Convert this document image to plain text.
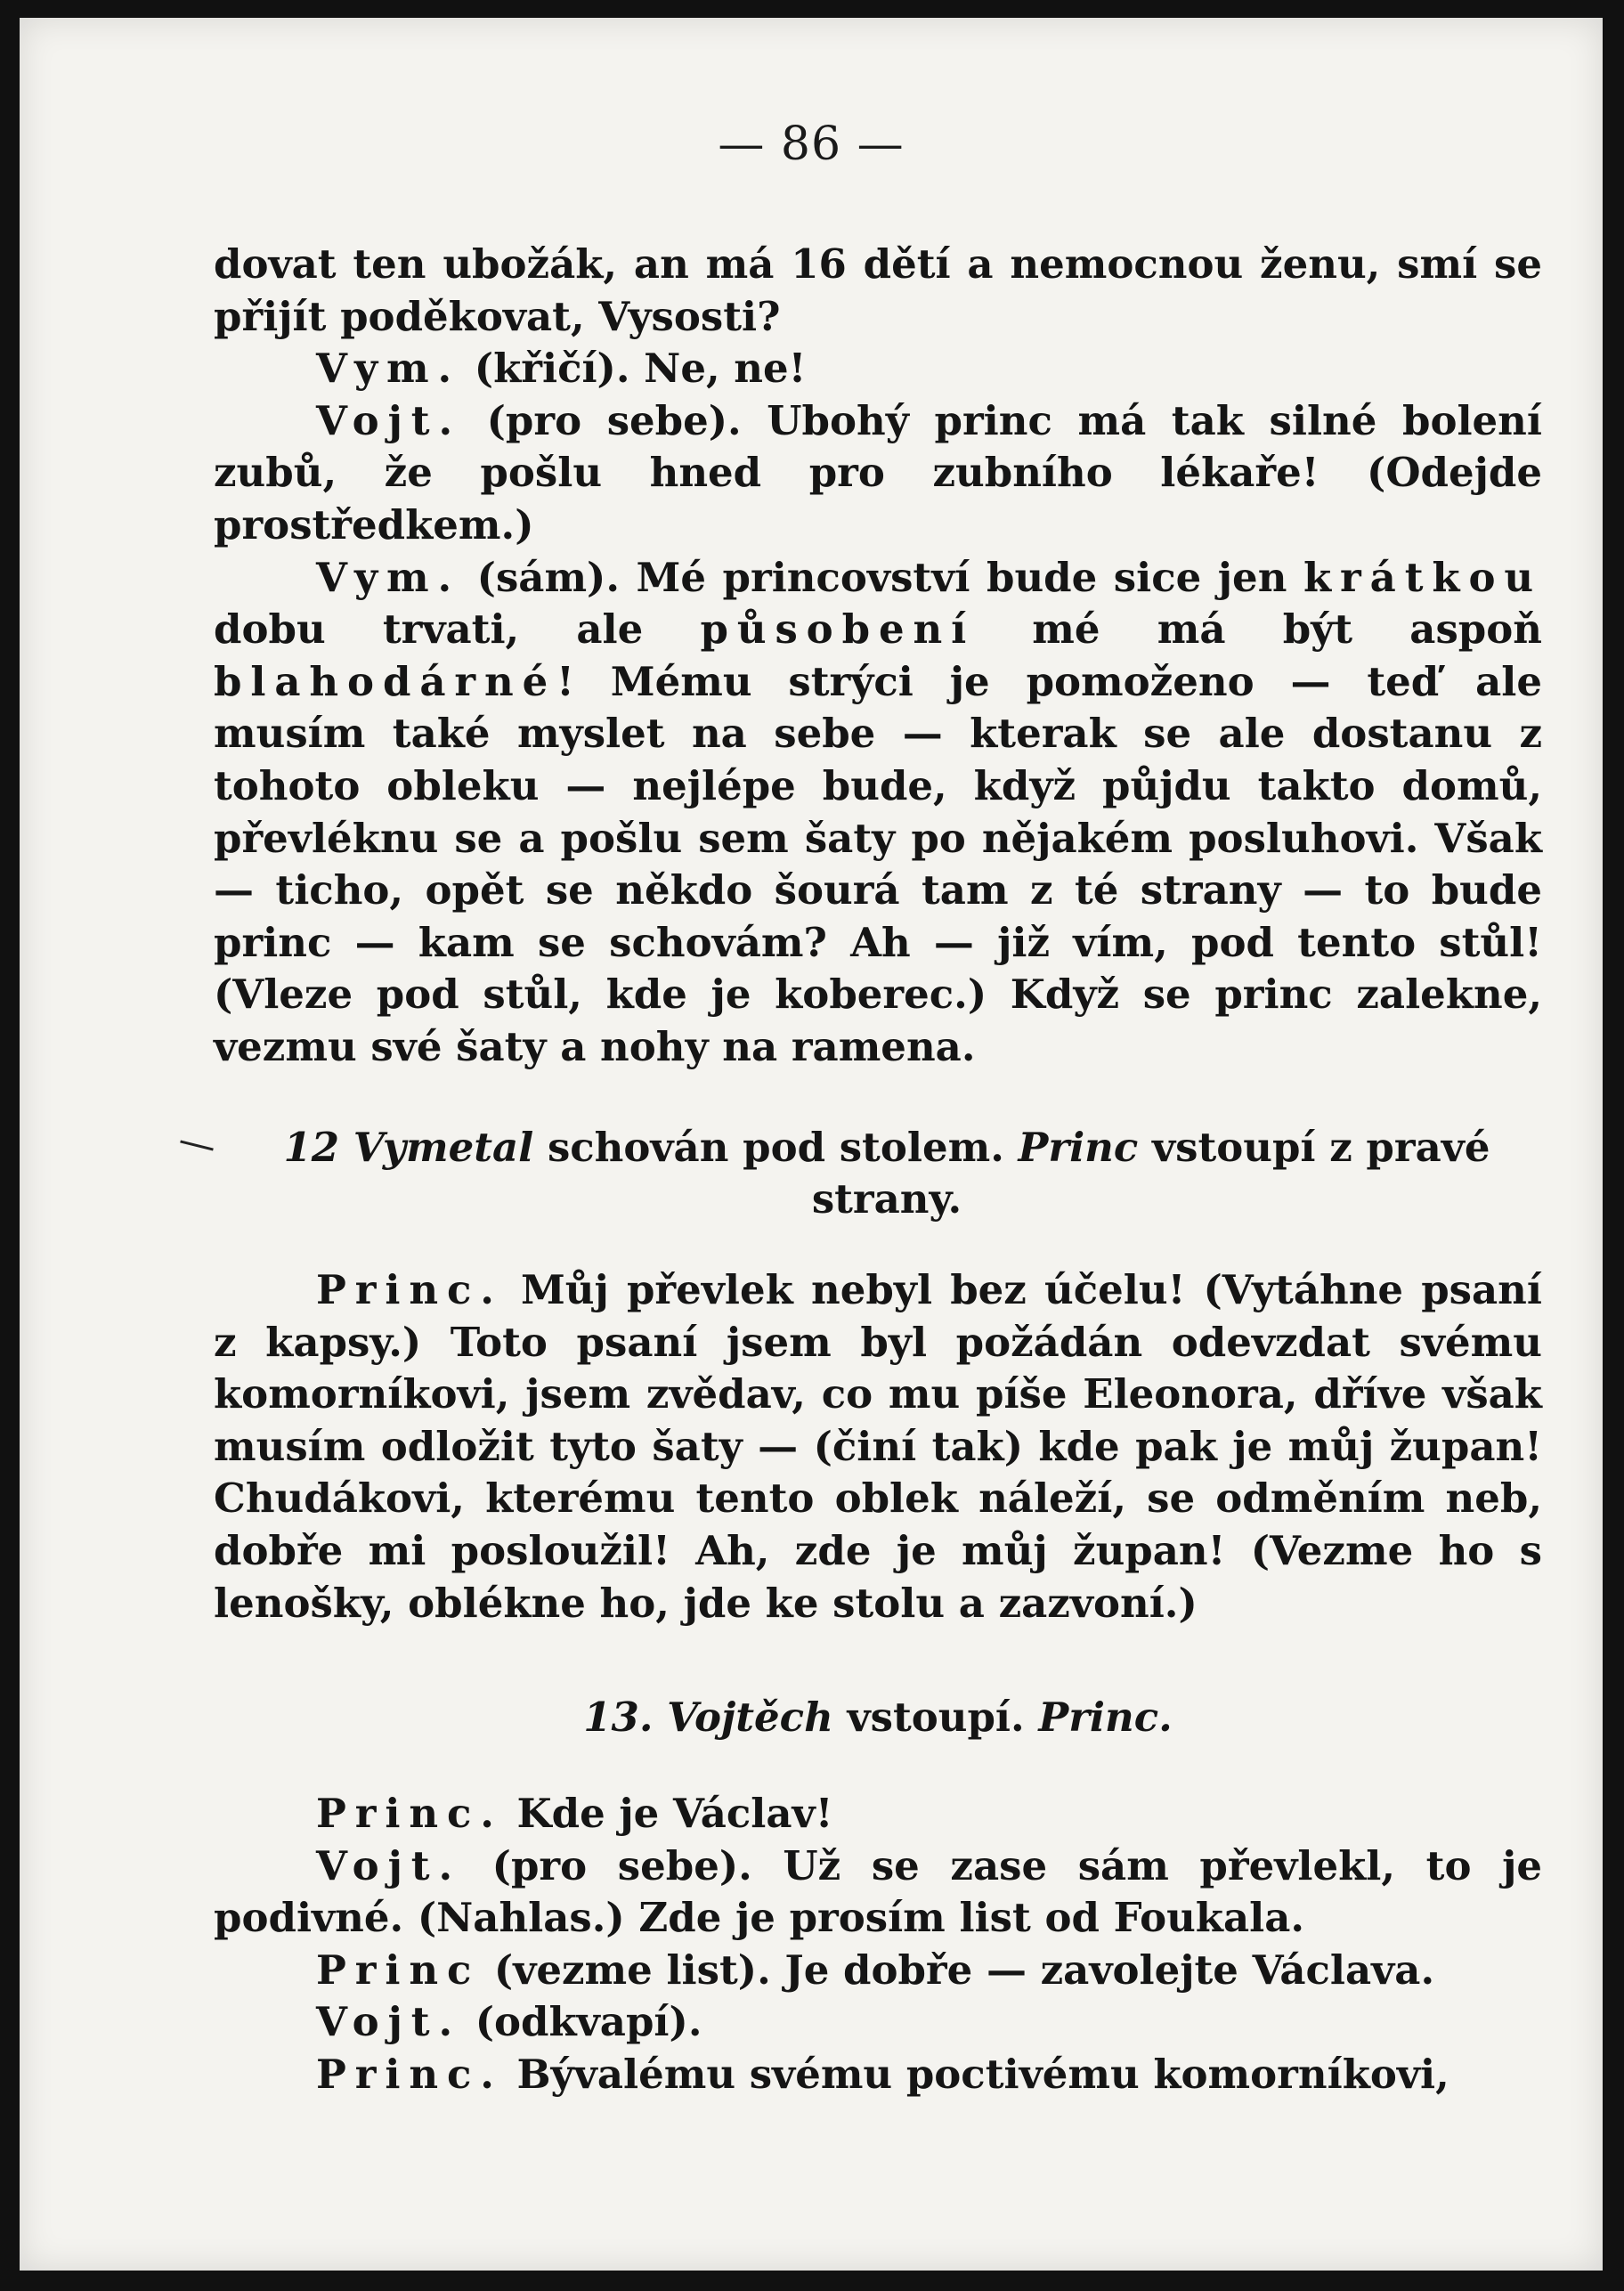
— 86 —

dovat ten ubožák, an má 16 dětí a nemocnou ženu, smí se přijít poděkovat, Vysosti?

Vym. (křičí). Ne, ne!

Vojt. (pro sebe). Ubohý princ má tak silné bolení zubů, že pošlu hned pro zubního lékaře! (Odejde prostředkem.)

Vym. (sám). Mé princovství bude sice jen krátkou dobu trvati, ale působení mé má být aspoň blahodárné! Mému strýci je pomoženo — teď ale musím také myslet na sebe — kterak se ale dostanu z tohoto obleku — nejlépe bude, když půjdu takto domů, převléknu se a pošlu sem šaty po nějakém posluhovi. Však — ticho, opět se někdo šourá tam z té strany — to bude princ — kam se schovám? Ah — již vím, pod tento stůl! (Vleze pod stůl, kde je koberec.) Když se princ zalekne, vezmu své šaty a nohy na ramena.

12 Vymetal schován pod stolem. Princ vstoupí z pravé strany.

Princ. Můj převlek nebyl bez účelu! (Vytáhne psaní z kapsy.) Toto psaní jsem byl požádán odevzdat svému komorníkovi, jsem zvědav, co mu píše Eleonora, dříve však musím odložit tyto šaty — (činí tak) kde pak je můj župan! Chudákovi, kterému tento oblek náleží, se odměním neb, dobře mi posloužil! Ah, zde je můj župan! (Vezme ho s lenošky, oblékne ho, jde ke stolu a zazvoní.)

13. Vojtěch vstoupí. Princ.

Princ. Kde je Václav!

Vojt. (pro sebe). Už se zase sám převlekl, to je podivné. (Nahlas.) Zde je prosím list od Foukala.

Princ (vezme list). Je dobře — zavolejte Václava.

Vojt. (odkvapí).

Princ. Bývalému svému poctivému komorníkovi,
